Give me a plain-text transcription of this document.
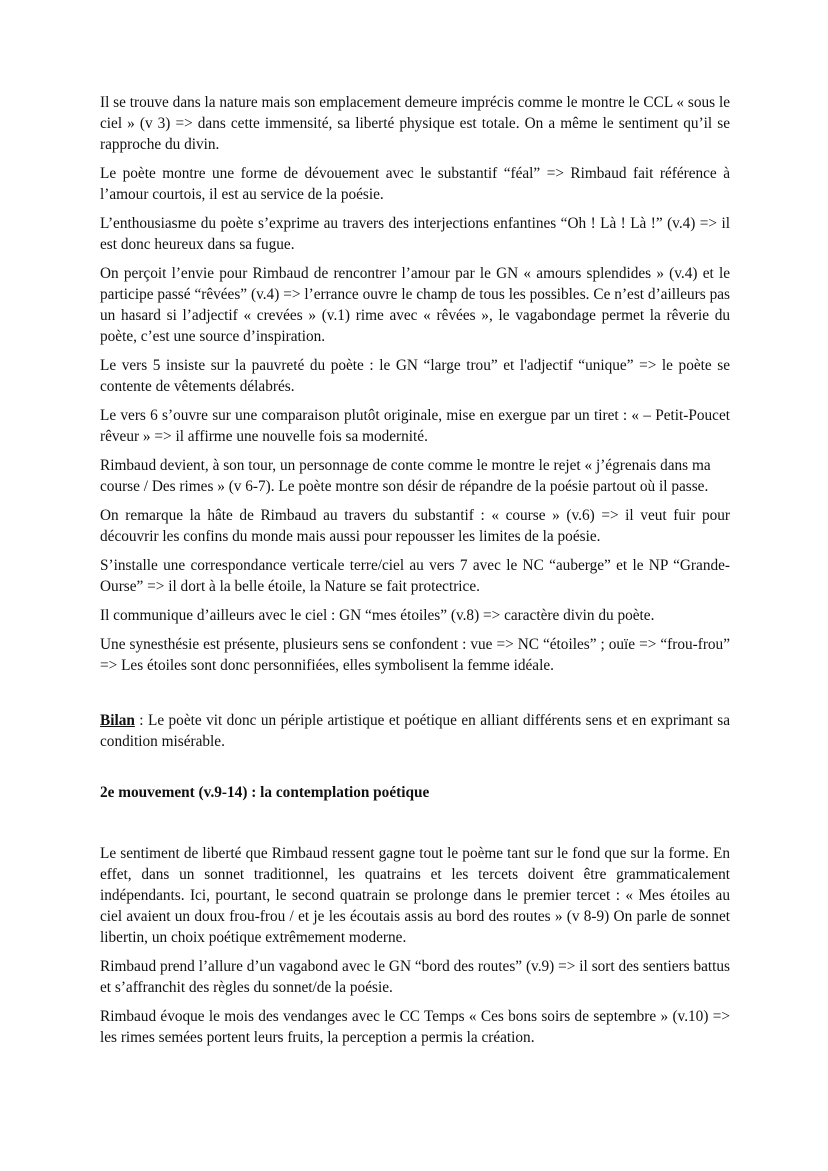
Il se trouve dans la nature mais son emplacement demeure imprécis comme le montre le CCL « sous le ciel » (v 3) => dans cette immensité, sa liberté physique est totale. On a même le sentiment qu’il se rapproche du divin.

Le poète montre une forme de dévouement avec le substantif “féal” => Rimbaud fait référence à l’amour courtois, il est au service de la poésie.

L’enthousiasme du poète s’exprime au travers des interjections enfantines “Oh ! Là ! Là !” (v.4) => il est donc heureux dans sa fugue.

On perçoit l’envie pour Rimbaud de rencontrer l’amour par le GN « amours splendides » (v.4) et le participe passé “rêvées” (v.4) => l’errance ouvre le champ de tous les possibles. Ce n’est d’ailleurs pas un hasard si l’adjectif « crevées » (v.1) rime avec « rêvées », le vagabondage permet la rêverie du poète, c’est une source d’inspiration.

Le vers 5 insiste sur la pauvreté du poète : le GN “large trou” et l'adjectif “unique” => le poète se contente de vêtements délabrés.

Le vers 6 s’ouvre sur une comparaison plutôt originale, mise en exergue par un tiret : « – Petit-Poucet rêveur » => il affirme une nouvelle fois sa modernité.

Rimbaud devient, à son tour, un personnage de conte comme le montre le rejet « j’égrenais dans ma course / Des rimes » (v 6-7). Le poète montre son désir de répandre de la poésie partout où il passe.

On remarque la hâte de Rimbaud au travers du substantif : « course » (v.6) => il veut fuir pour découvrir les confins du monde mais aussi pour repousser les limites de la poésie.

S’installe une correspondance verticale terre/ciel au vers 7 avec le NC “auberge” et le NP “Grande-Ourse” => il dort à la belle étoile, la Nature se fait protectrice.

Il communique d’ailleurs avec le ciel : GN “mes étoiles” (v.8) => caractère divin du poète.

Une synesthésie est présente, plusieurs sens se confondent : vue => NC “étoiles” ; ouïe => “frou-frou” => Les étoiles sont donc personnifiées, elles symbolisent la femme idéale.

Bilan : Le poète vit donc un périple artistique et poétique en alliant différents sens et en exprimant sa condition misérable.

2e mouvement (v.9-14) : la contemplation poétique

Le sentiment de liberté que Rimbaud ressent gagne tout le poème tant sur le fond que sur la forme. En effet, dans un sonnet traditionnel, les quatrains et les tercets doivent être grammaticalement indépendants. Ici, pourtant, le second quatrain se prolonge dans le premier tercet : « Mes étoiles au ciel avaient un doux frou-frou / et je les écoutais assis au bord des routes » (v 8-9) On parle de sonnet libertin, un choix poétique extrêmement moderne.

Rimbaud prend l’allure d’un vagabond avec le GN “bord des routes” (v.9) => il sort des sentiers battus et s’affranchit des règles du sonnet/de la poésie.

Rimbaud évoque le mois des vendanges avec le CC Temps « Ces bons soirs de septembre » (v.10) => les rimes semées portent leurs fruits, la perception a permis la création.
